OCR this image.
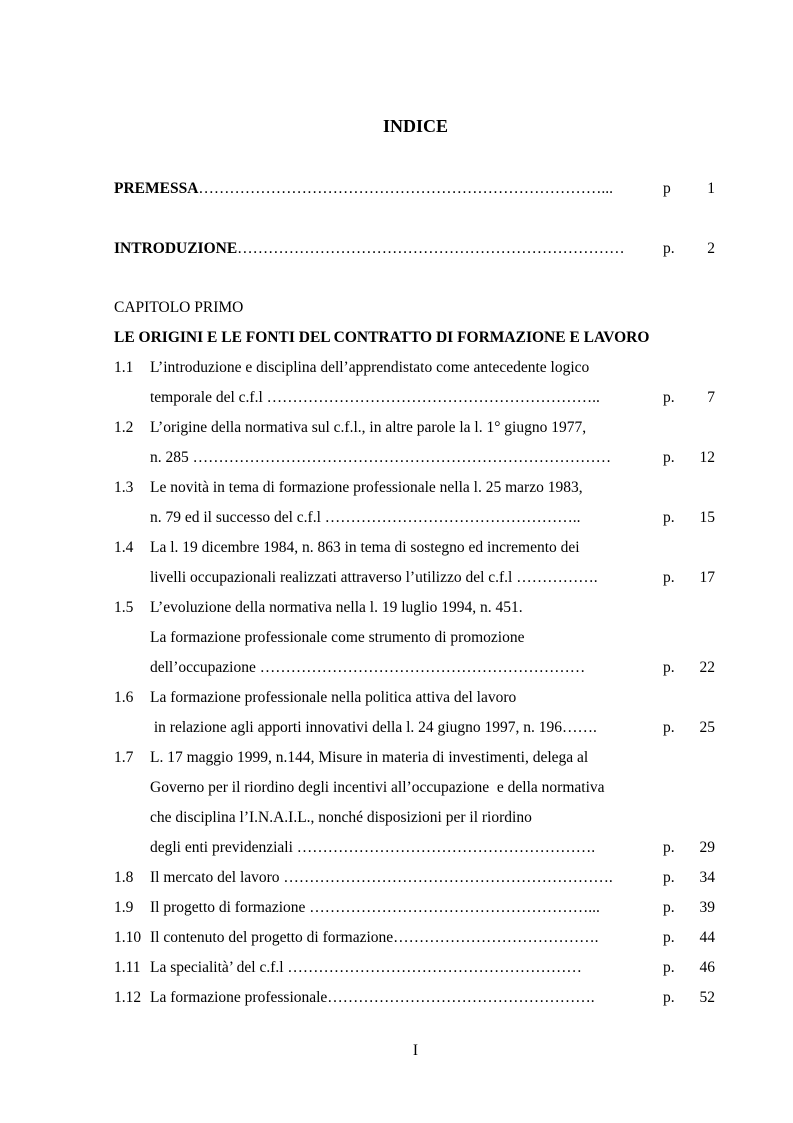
INDICE
PREMESSA……………………………………………………………………...	p 1
INTRODUZIONE………………………………………………………………… p. 2
CAPITOLO PRIMO
LE ORIGINI E LE FONTI DEL CONTRATTO DI FORMAZIONE E LAVORO
1.1 L’introduzione e disciplina dell’apprendistato come antecedente logico
temporale del c.f.l ………………………………………………………..	p. 7
1.2 L’origine della normativa sul c.f.l., in altre parole la l. 1° giugno 1977,
n. 285 ………………………………………………………………………	p. 12
1.3 Le novità in tema di formazione professionale nella l. 25 marzo 1983,
n. 79 ed il successo del c.f.l …………………………………………..	p. 15
1.4 La l. 19 dicembre 1984, n. 863 in tema di sostegno ed incremento dei
livelli occupazionali realizzati attraverso l’utilizzo del c.f.l …………….	p. 17
1.5 L’evoluzione della normativa nella l. 19 luglio 1994, n. 451.
La formazione professionale come strumento di promozione
dell’occupazione ………………………………………………………	p. 22
1.6 La formazione professionale nella politica attiva del lavoro
in relazione agli apporti innovativi della l. 24 giugno 1997, n. 196…….	p. 25
1.7 L. 17 maggio 1999, n.144, Misure in materia di investimenti, delega al
Governo per il riordino degli incentivi all’occupazione  e della normativa
che disciplina l’I.N.A.I.L., nonché disposizioni per il riordino
degli enti previdenziali ………………………………………………….	p. 29
1.8 Il mercato del lavoro ……………………………………………………….	p. 34
1.9 Il progetto di formazione ………………………………………………...	p. 39
1.10 Il contenuto del progetto di formazione………………………………….	p. 44
1.11 La specialità’ del c.f.l …………………………………………………	p. 46
1.12 La formazione professionale…………………………………………….	p. 52
I
